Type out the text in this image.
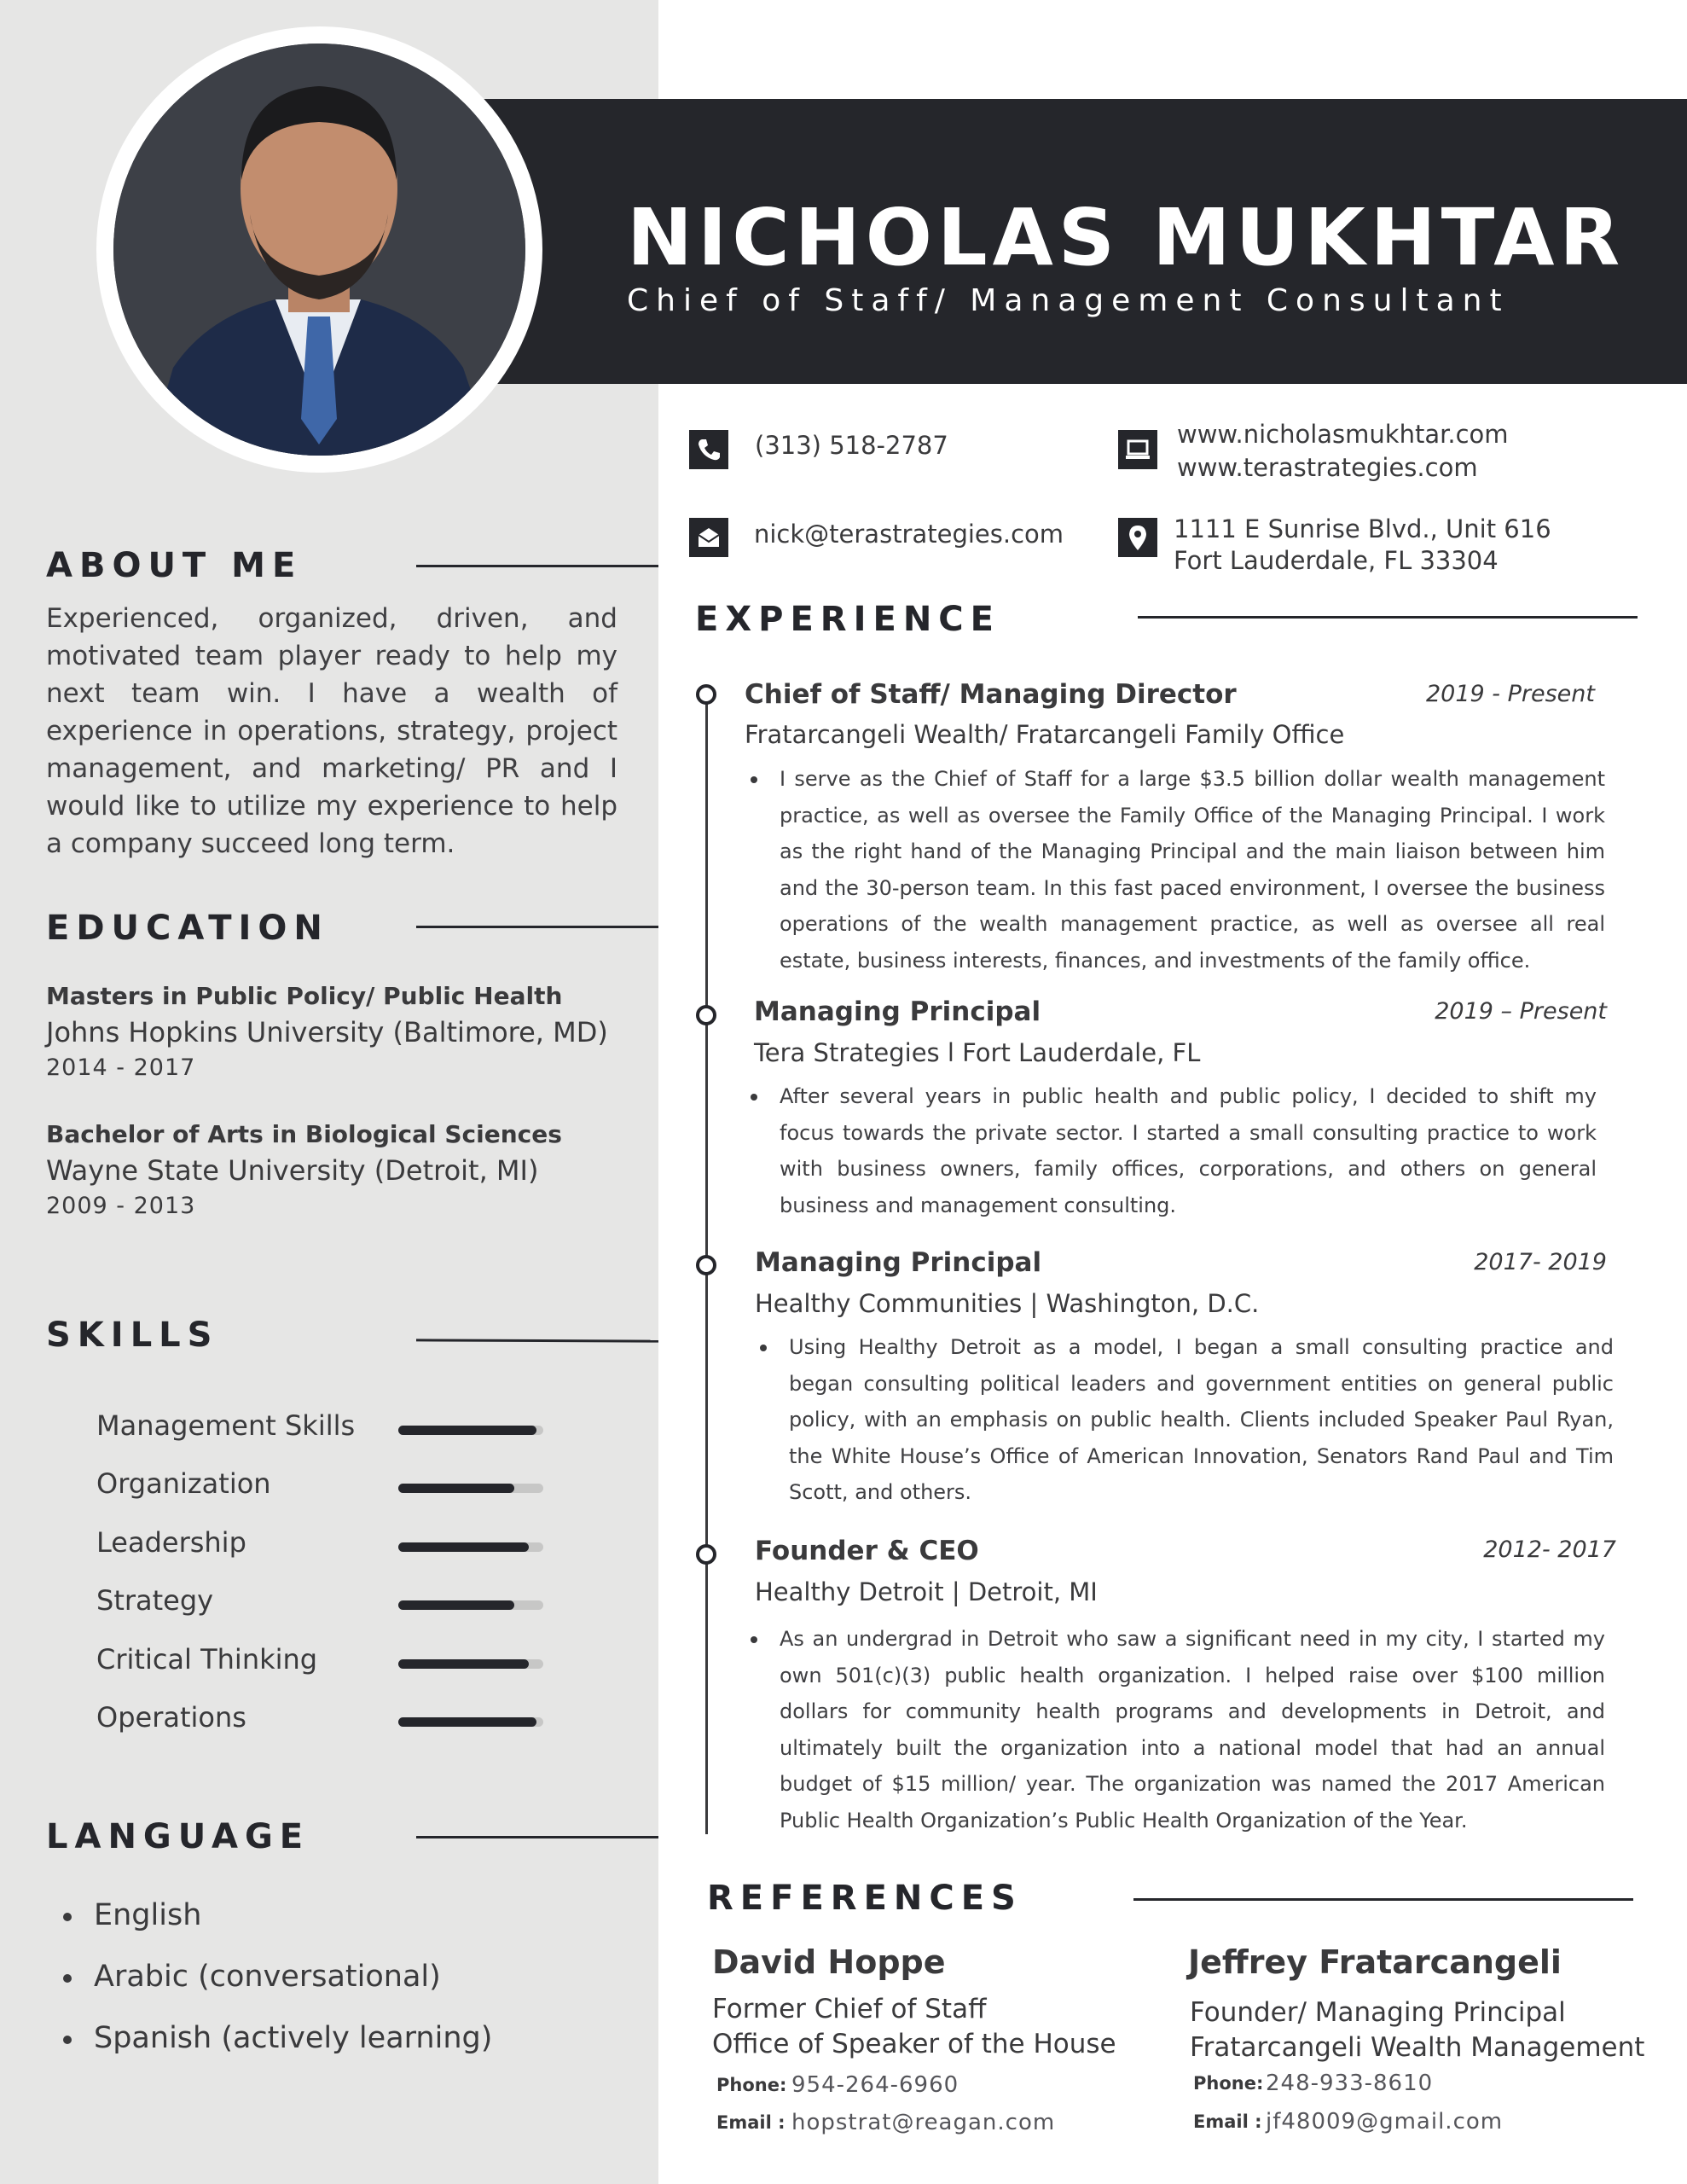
NICHOLAS MUKHTAR
Chief of Staff/ Management Consultant
(313) 518-2787
nick@terastrategies.com
www.nicholasmukhtar.com
www.terastrategies.com
1111 E Sunrise Blvd., Unit 616
Fort Lauderdale, FL 33304
ABOUT ME
Experienced, organized, driven, and motivated team player ready to help my next team win. I have a wealth of experience in operations, strategy, project management, and marketing/ PR and I would like to utilize my experience to help a company succeed long term.
EDUCATION
Masters in Public Policy/ Public Health
Johns Hopkins University (Baltimore, MD)
2014 - 2017
Bachelor of Arts in Biological Sciences
Wayne State University (Detroit, MI)
2009 - 2013
SKILLS
Management Skills
Organization
Leadership
Strategy
Critical Thinking
Operations
LANGUAGE
English
Arabic (conversational)
Spanish (actively learning)
EXPERIENCE
Chief of Staff/ Managing Director	2019 - Present
Fratarcangeli Wealth/ Fratarcangeli Family Office
I serve as the Chief of Staff for a large $3.5 billion dollar wealth management practice, as well as oversee the Family Office of the Managing Principal. I work as the right hand of the Managing Principal and the main liaison between him and the 30-person team. In this fast paced environment, I oversee the business operations of the wealth management practice, as well as oversee all real estate, business interests, finances, and investments of the family office.
Managing Principal	2019 – Present
Tera Strategies l Fort Lauderdale, FL
After several years in public health and public policy, I decided to shift my focus towards the private sector. I started a small consulting practice to work with business owners, family offices, corporations, and others on general business and management consulting.
Managing Principal	2017- 2019
Healthy Communities | Washington, D.C.
Using Healthy Detroit as a model, I began a small consulting practice and began consulting political leaders and government entities on general public policy, with an emphasis on public health. Clients included Speaker Paul Ryan, the White House’s Office of American Innovation, Senators Rand Paul and Tim Scott, and others.
Founder & CEO	2012- 2017
Healthy Detroit | Detroit, MI
As an undergrad in Detroit who saw a significant need in my city, I started my own 501(c)(3) public health organization. I helped raise over $100 million dollars for community health programs and developments in Detroit, and ultimately built the organization into a national model that had an annual budget of $15 million/ year. The organization was named the 2017 American Public Health Organization’s Public Health Organization of the Year.
REFERENCES
David Hoppe
Former Chief of Staff
Office of Speaker of the House
Phone: 954-264-6960
Email : hopstrat@reagan.com
Jeffrey Fratarcangeli
Founder/ Managing Principal
Fratarcangeli Wealth Management
Phone: 248-933-8610
Email : jf48009@gmail.com
